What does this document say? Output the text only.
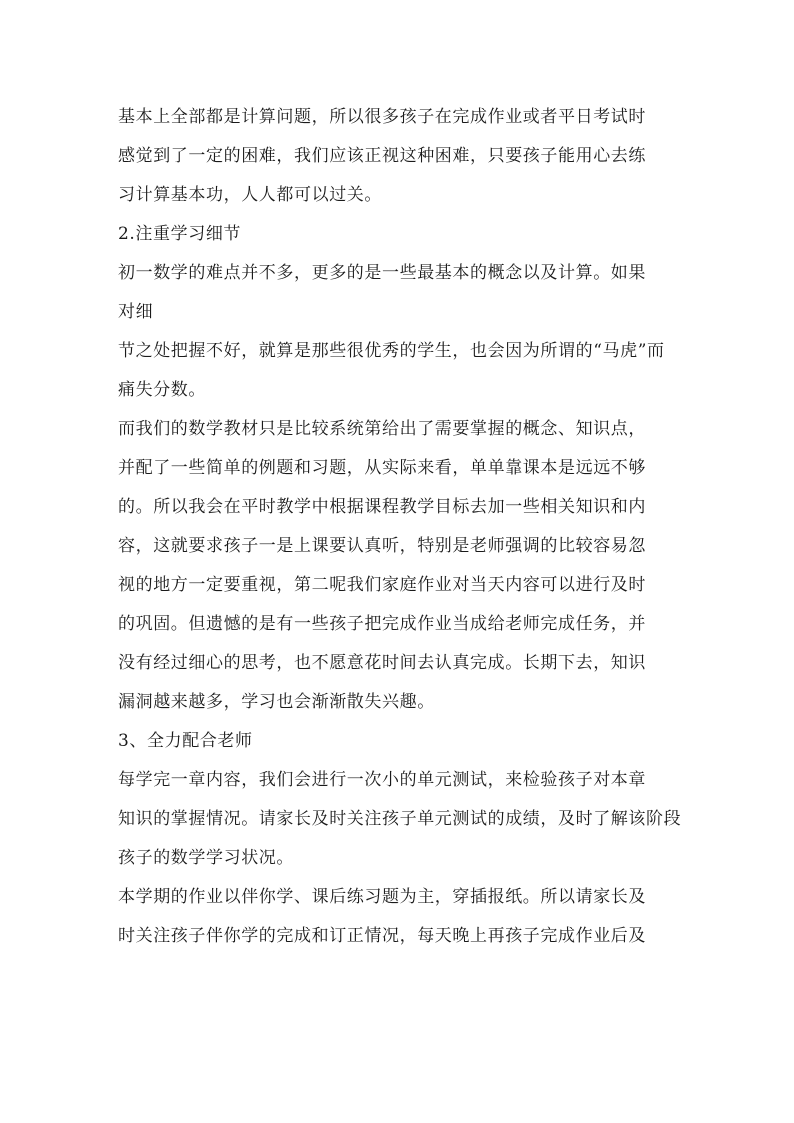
基本上全部都是计算问题，所以很多孩子在完成作业或者平日考试时
感觉到了一定的困难，我们应该正视这种困难，只要孩子能用心去练
习计算基本功，人人都可以过关。
2.注重学习细节
初一数学的难点并不多，更多的是一些最基本的概念以及计算。如果
对细
节之处把握不好，就算是那些很优秀的学生，也会因为所谓的“马虎”而
痛失分数。
而我们的数学教材只是比较系统第给出了需要掌握的概念、知识点，
并配了一些简单的例题和习题，从实际来看，单单靠课本是远远不够
的。所以我会在平时教学中根据课程教学目标去加一些相关知识和内
容，这就要求孩子一是上课要认真听，特别是老师强调的比较容易忽
视的地方一定要重视，第二呢我们家庭作业对当天内容可以进行及时
的巩固。但遗憾的是有一些孩子把完成作业当成给老师完成任务，并
没有经过细心的思考，也不愿意花时间去认真完成。长期下去，知识
漏洞越来越多，学习也会渐渐散失兴趣。
3、全力配合老师
每学完一章内容，我们会进行一次小的单元测试，来检验孩子对本章
知识的掌握情况。请家长及时关注孩子单元测试的成绩，及时了解该阶段
孩子的数学学习状况。
本学期的作业以伴你学、课后练习题为主，穿插报纸。所以请家长及
时关注孩子伴你学的完成和订正情况，每天晚上再孩子完成作业后及
